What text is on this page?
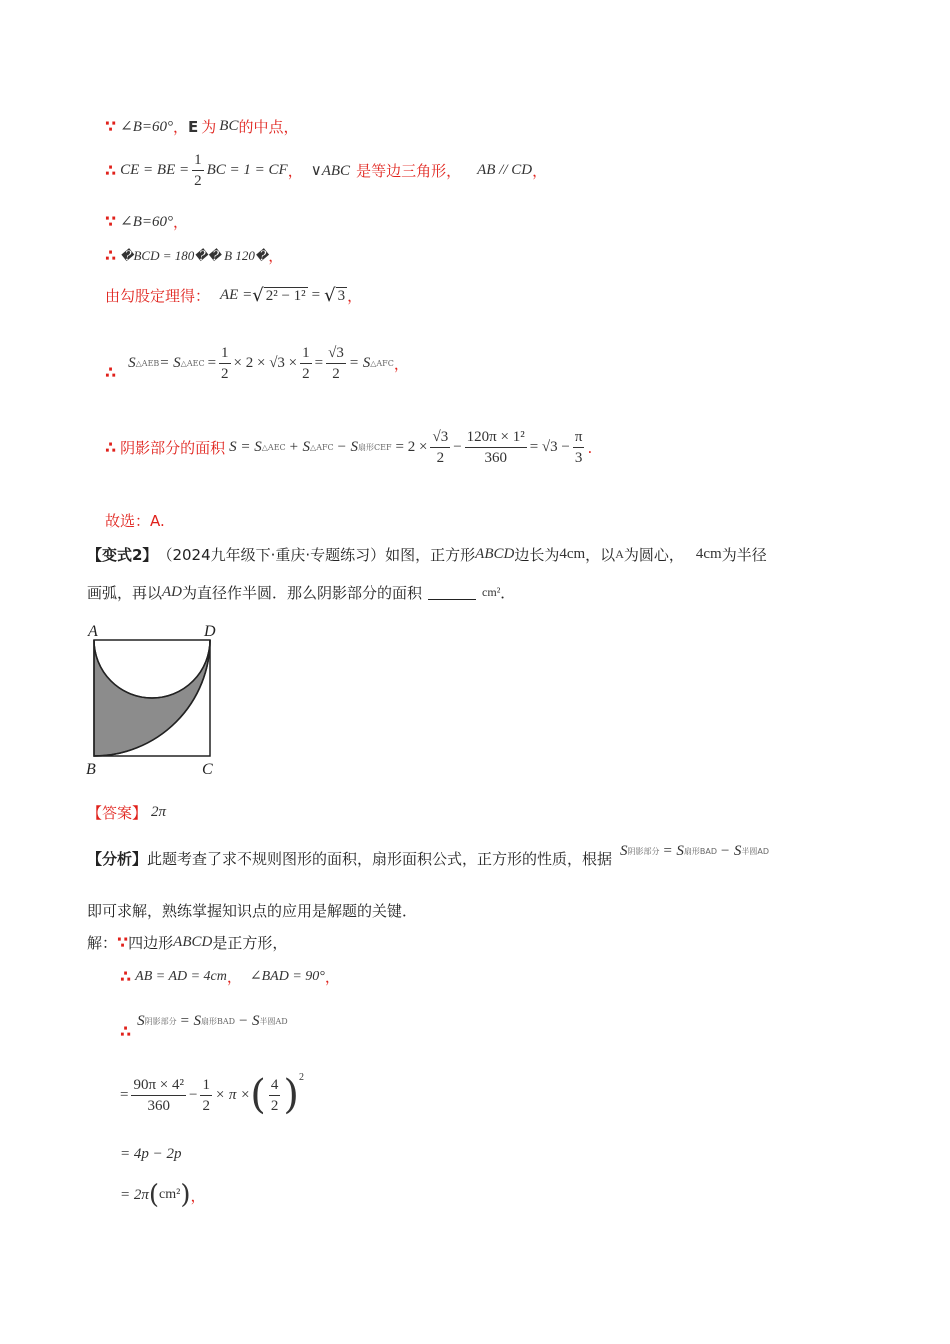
∵ ∠B=60° ， E 为 BC 的中点，
∴ CE = BE = $\frac{1}{2}$ BC = 1 = CF ， ∨ABC 是等边三角形， AB // CD ，
∵ ∠B=60° ，
∴ �BCD = 180�� B 120� ，
由勾股定理得： AE = √ 2² − 1² = √ 3 ，
∴ S △AEB = S △AEC = $\frac{1}{2} \times 2 \times √3 \times \frac{1}{2} = \frac{√3}{2} = S$ △AFC ，
∴ 阴影部分的面积 S = S △AEC + S △AFC − S 扇形CEF = $2 \times \frac{√3}{2} - \frac{\text{120π × 1²}}{360} = √3 - \frac{\pi}{3}$ .
故选：A.
【变式2】 （2024九年级下·重庆·专题练习）如图，正方形 ABCD 边长为 4cm ，以 A 为圆心， 4cm 为半径
画弧，再以 AD 为直径作半圆．那么阴影部分的面积	cm² ．
A	D
B	C
【答案】 2π
【分析】 此题考查了求不规则图形的面积，扇形面积公式，正方形的性质，根据 S 阴影部分 = S 扇形BAD − S 半圆AD
即可求解，熟练掌握知识点的应用是解题的关键．
解： ∵ 四边形 ABCD 是正方形，
∴ AB = AD = 4cm ， ∠BAD = 90° ，
∴
S 阴影部分 = S 扇形BAD − S 半圆AD
= $\frac{\text{90π × 4²}}{360} - \frac{1}{2} \times \pi$ × ( $\frac{4}{2}$ ) 2
= 4p − 2p
= 2π ( cm² ) ，
